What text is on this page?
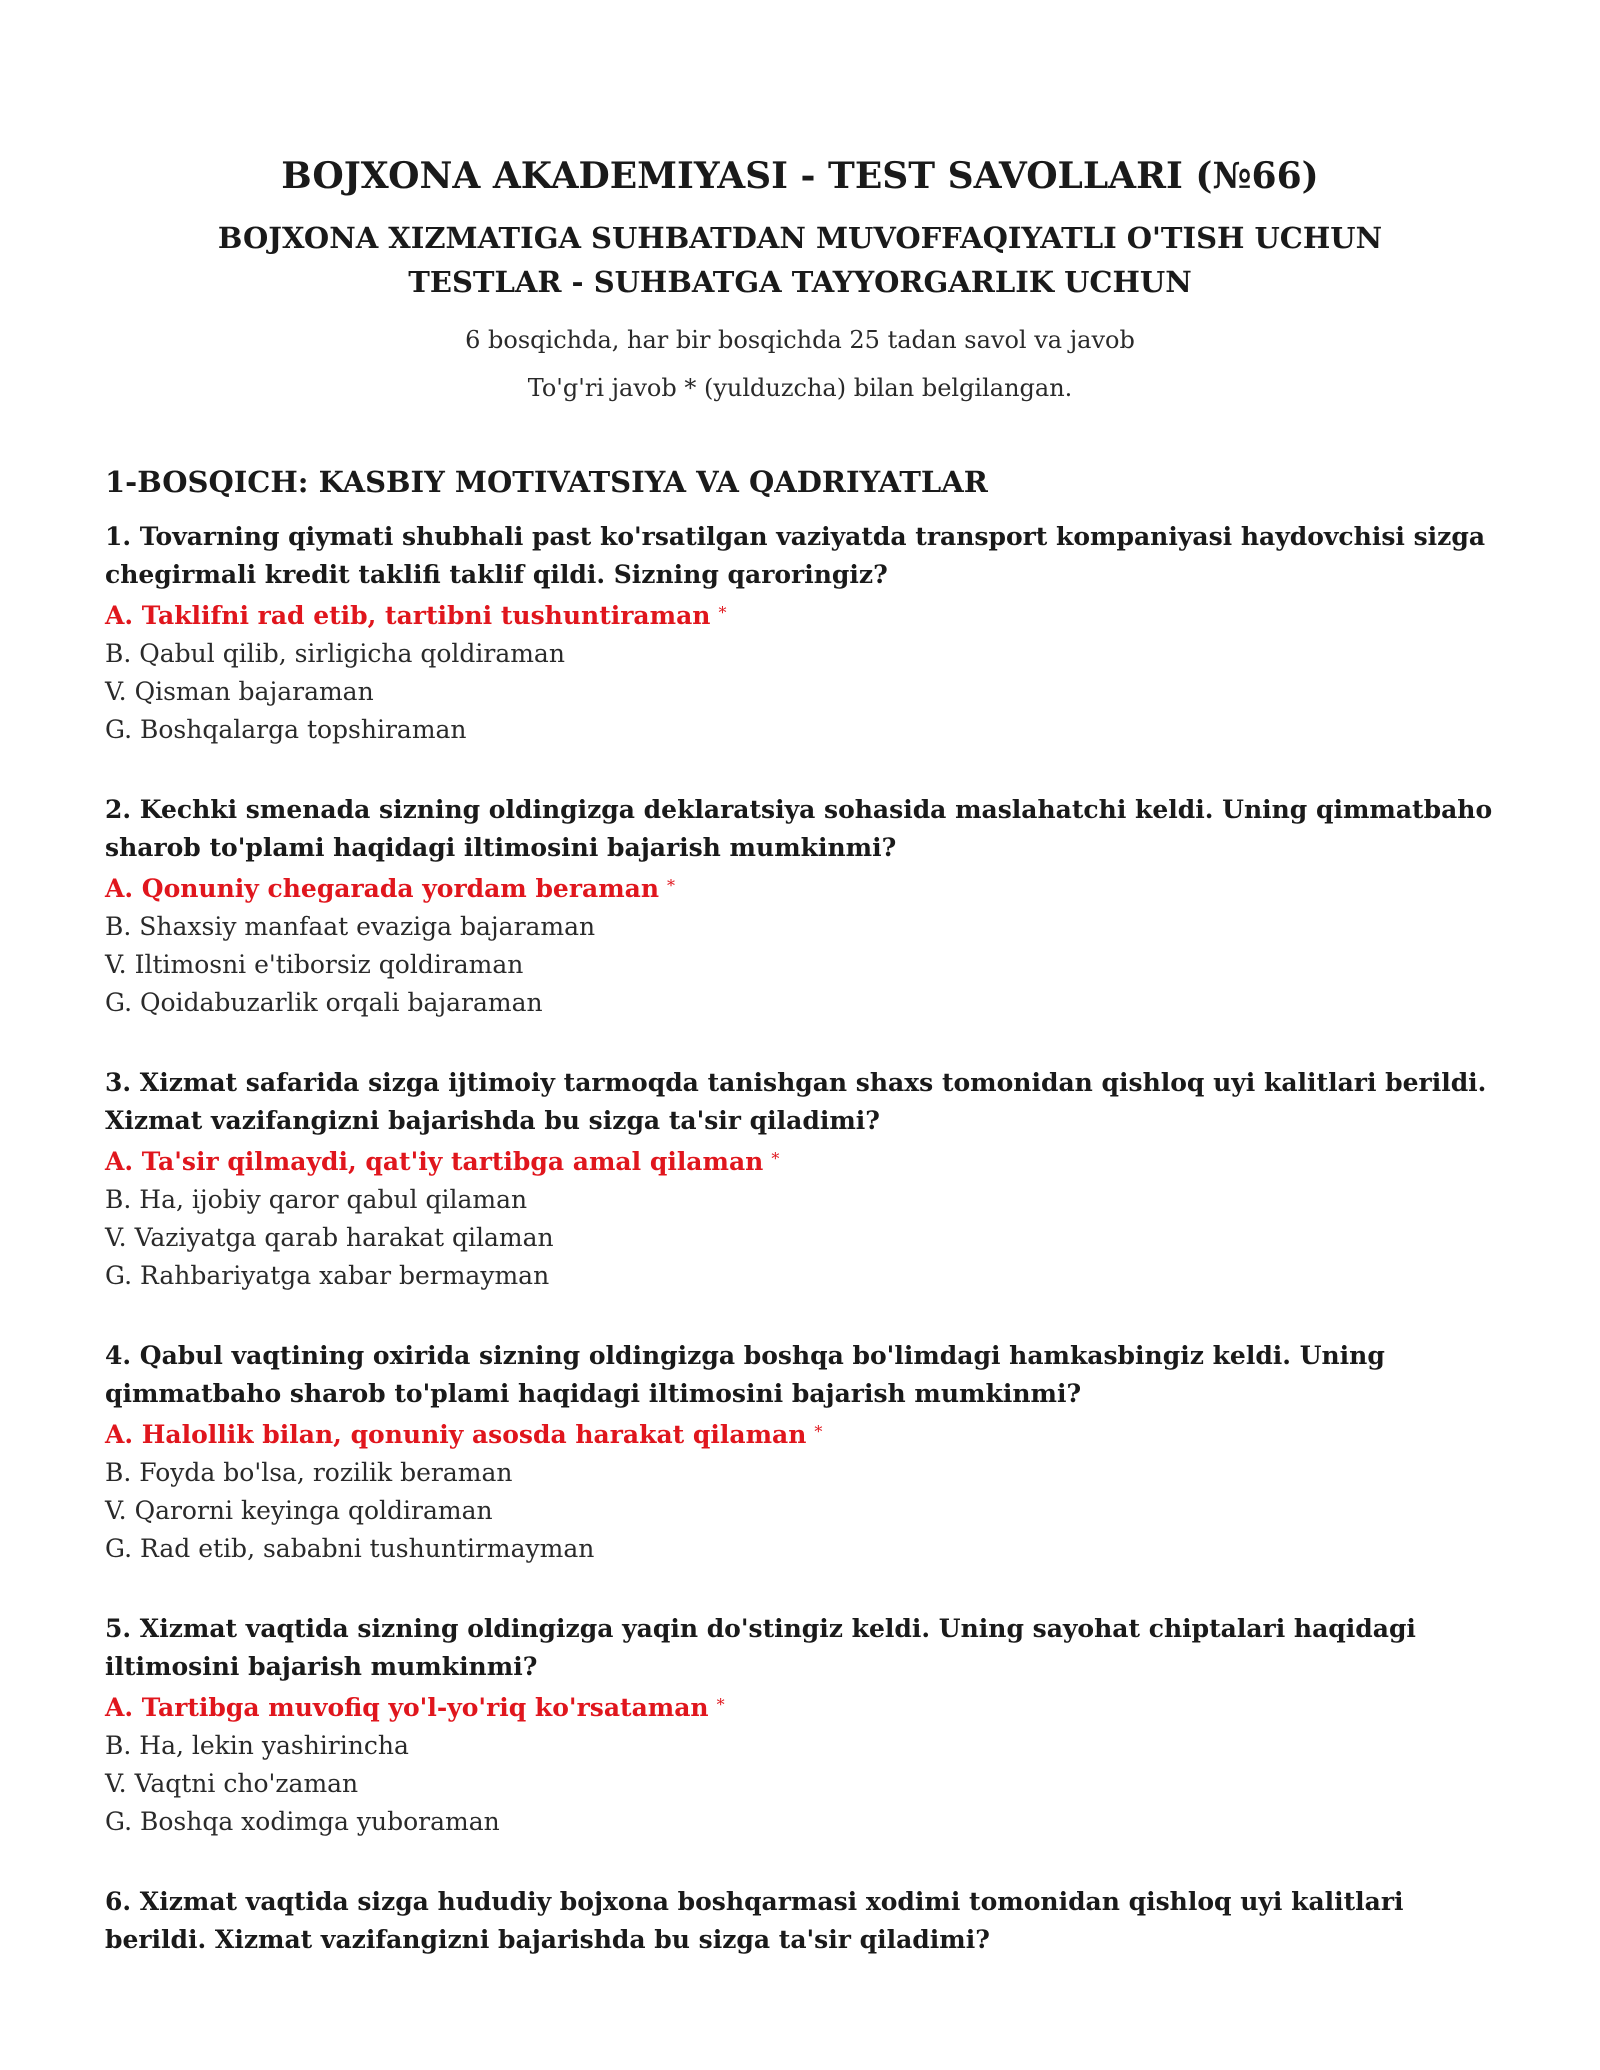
BOJXONA AKADEMIYASI - TEST SAVOLLARI (№66)
BOJXONA XIZMATIGA SUHBATDAN MUVOFFAQIYATLI O'TISH UCHUN TESTLAR - SUHBATGA TAYYORGARLIK UCHUN

6 bosqichda, har bir bosqichda 25 tadan savol va javob

To'g'ri javob * (yulduzcha) bilan belgilangan.

1-BOSQICH: KASBIY MOTIVATSIYA VA QADRIYATLAR

1. Tovarning qiymati shubhali past ko'rsatilgan vaziyatda transport kompaniyasi haydovchisi sizga chegirmali kredit taklifi taklif qildi. Sizning qaroringiz?

A. Taklifni rad etib, tartibni tushuntiraman *

B. Qabul qilib, sirligicha qoldiraman

V. Qisman bajaraman

G. Boshqalarga topshiraman

2. Kechki smenada sizning oldingizga deklaratsiya sohasida maslahatchi keldi. Uning qimmatbaho sharob to'plami haqidagi iltimosini bajarish mumkinmi?

A. Qonuniy chegarada yordam beraman *

B. Shaxsiy manfaat evaziga bajaraman

V. Iltimosni e'tiborsiz qoldiraman

G. Qoidabuzarlik orqali bajaraman

3. Xizmat safarida sizga ijtimoiy tarmoqda tanishgan shaxs tomonidan qishloq uyi kalitlari berildi. Xizmat vazifangizni bajarishda bu sizga ta'sir qiladimi?

A. Ta'sir qilmaydi, qat'iy tartibga amal qilaman *

B. Ha, ijobiy qaror qabul qilaman

V. Vaziyatga qarab harakat qilaman

G. Rahbariyatga xabar bermayman

4. Qabul vaqtining oxirida sizning oldingizga boshqa bo'limdagi hamkasbingiz keldi. Uning qimmatbaho sharob to'plami haqidagi iltimosini bajarish mumkinmi?

A. Halollik bilan, qonuniy asosda harakat qilaman *

B. Foyda bo'lsa, rozilik beraman

V. Qarorni keyinga qoldiraman

G. Rad etib, sababni tushuntirmayman

5. Xizmat vaqtida sizning oldingizga yaqin do'stingiz keldi. Uning sayohat chiptalari haqidagi iltimosini bajarish mumkinmi?

A. Tartibga muvofiq yo'l-yo'riq ko'rsataman *

B. Ha, lekin yashirincha

V. Vaqtni cho'zaman

G. Boshqa xodimga yuboraman

6. Xizmat vaqtida sizga hududiy bojxona boshqarmasi xodimi tomonidan qishloq uyi kalitlari berildi. Xizmat vazifangizni bajarishda bu sizga ta'sir qiladimi?
